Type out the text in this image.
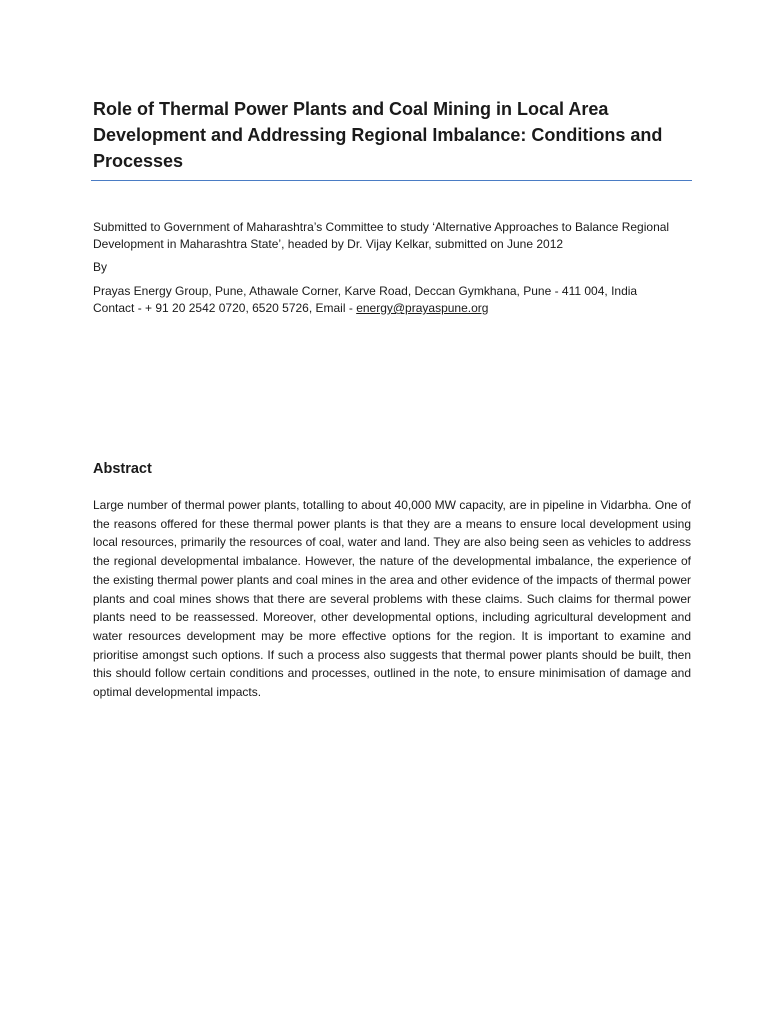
Role of Thermal Power Plants and Coal Mining in Local Area Development and Addressing Regional Imbalance: Conditions and Processes
Submitted to Government of Maharashtra’s Committee to study ‘Alternative Approaches to Balance Regional Development in Maharashtra State’, headed by Dr. Vijay Kelkar, submitted on June 2012
By
Prayas Energy Group, Pune, Athawale Corner, Karve Road, Deccan Gymkhana, Pune - 411 004, India
Contact - + 91 20 2542 0720, 6520 5726, Email - energy@prayaspune.org
Abstract
Large number of thermal power plants, totalling to about 40,000 MW capacity, are in pipeline in Vidarbha. One of the reasons offered for these thermal power plants is that they are a means to ensure local development using local resources, primarily the resources of coal, water and land. They are also being seen as vehicles to address the regional developmental imbalance. However, the nature of the developmental imbalance, the experience of the existing thermal power plants and coal mines in the area and other evidence of the impacts of thermal power plants and coal mines shows that there are several problems with these claims. Such claims for thermal power plants need to be reassessed. Moreover, other developmental options, including agricultural development and water resources development may be more effective options for the region. It is important to examine and prioritise amongst such options. If such a process also suggests that thermal power plants should be built, then this should follow certain conditions and processes, outlined in the note, to ensure minimisation of damage and optimal developmental impacts.
